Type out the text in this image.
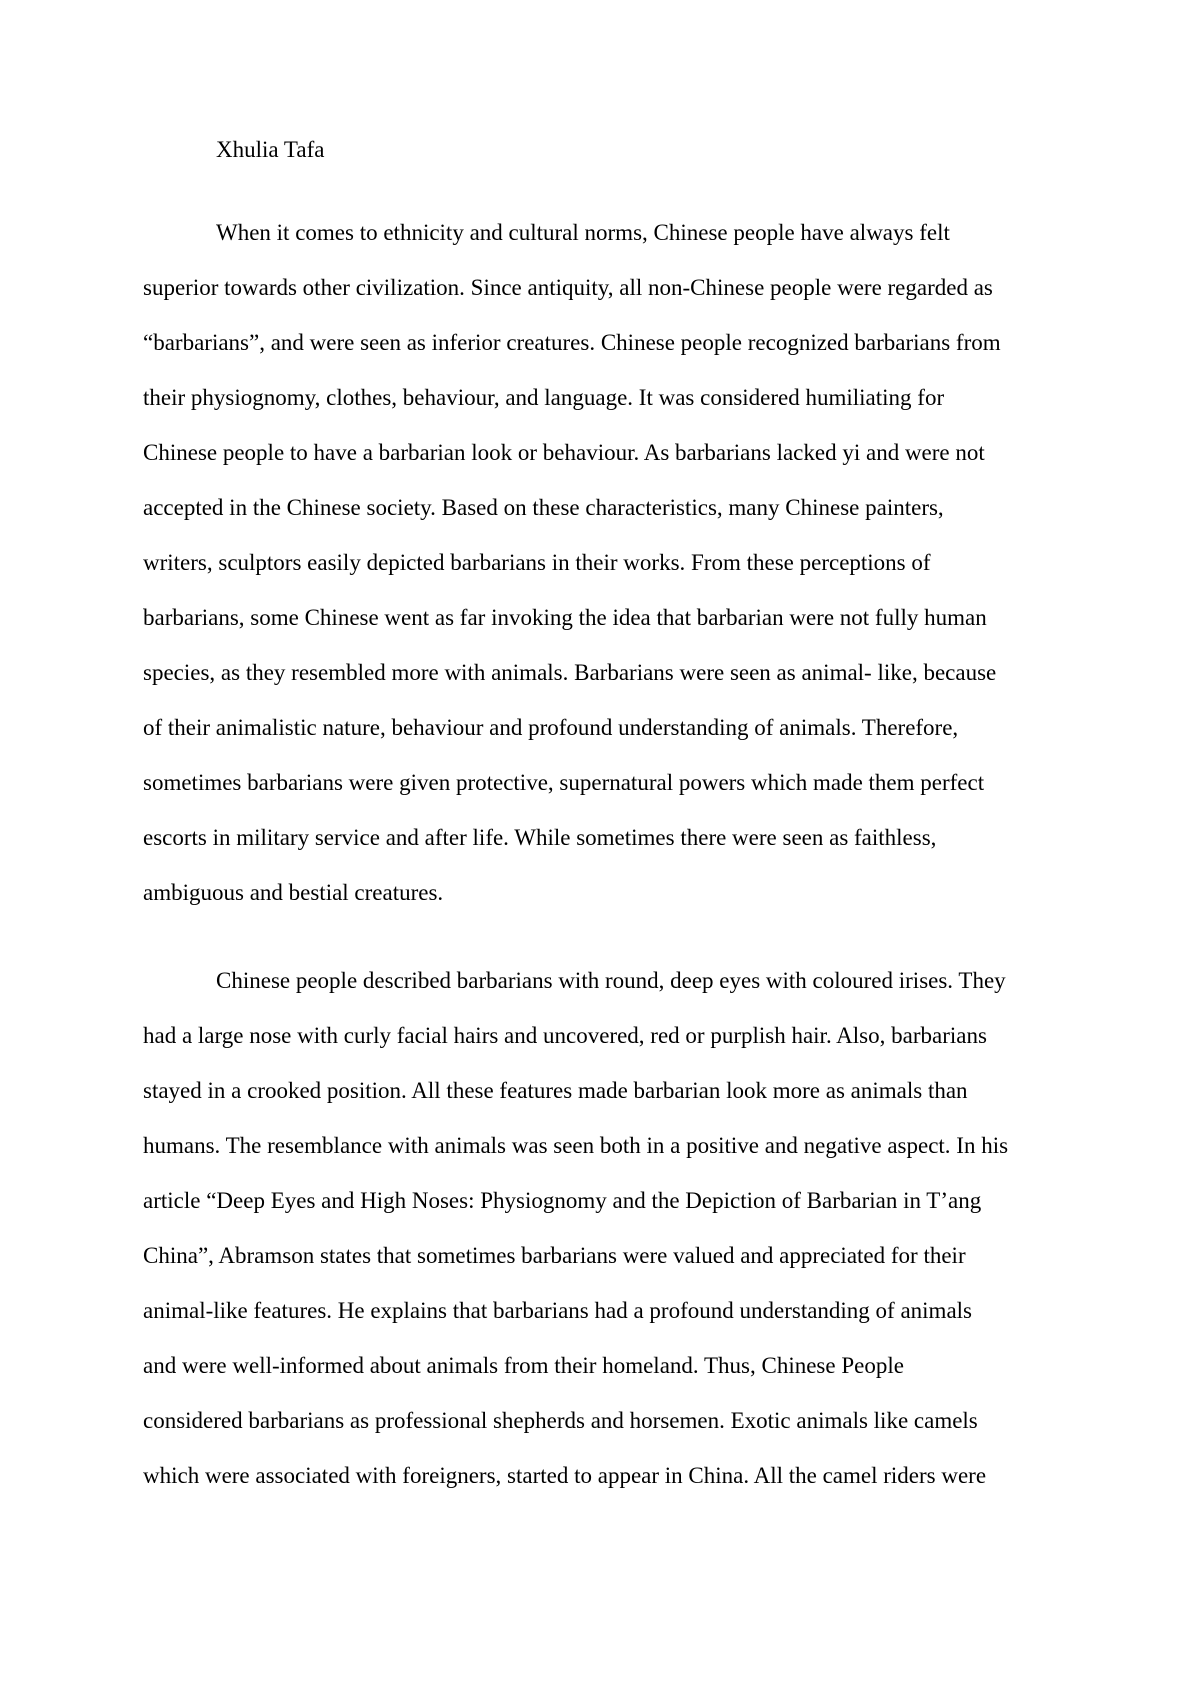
Xhulia Tafa
When it comes to ethnicity and cultural norms, Chinese people have always felt
superior towards other civilization. Since antiquity, all non-Chinese people were regarded as
“barbarians”, and were seen as inferior creatures. Chinese people recognized barbarians from
their physiognomy, clothes, behaviour, and language. It was considered humiliating for
Chinese people to have a barbarian look or behaviour. As barbarians lacked yi and were not
accepted in the Chinese society. Based on these characteristics, many Chinese painters,
writers, sculptors easily depicted barbarians in their works. From these perceptions of
barbarians, some Chinese went as far invoking the idea that barbarian were not fully human
species, as they resembled more with animals. Barbarians were seen as animal- like, because
of their animalistic nature, behaviour and profound understanding of animals. Therefore,
sometimes barbarians were given protective, supernatural powers which made them perfect
escorts in military service and after life. While sometimes there were seen as faithless,
ambiguous and bestial creatures.
Chinese people described barbarians with round, deep eyes with coloured irises. They
had a large nose with curly facial hairs and uncovered, red or purplish hair. Also, barbarians
stayed in a crooked position. All these features made barbarian look more as animals than
humans. The resemblance with animals was seen both in a positive and negative aspect. In his
article “Deep Eyes and High Noses: Physiognomy and the Depiction of Barbarian in T’ang
China”, Abramson states that sometimes barbarians were valued and appreciated for their
animal-like features. He explains that barbarians had a profound understanding of animals
and were well-informed about animals from their homeland. Thus, Chinese People
considered barbarians as professional shepherds and horsemen. Exotic animals like camels
which were associated with foreigners, started to appear in China. All the camel riders were
